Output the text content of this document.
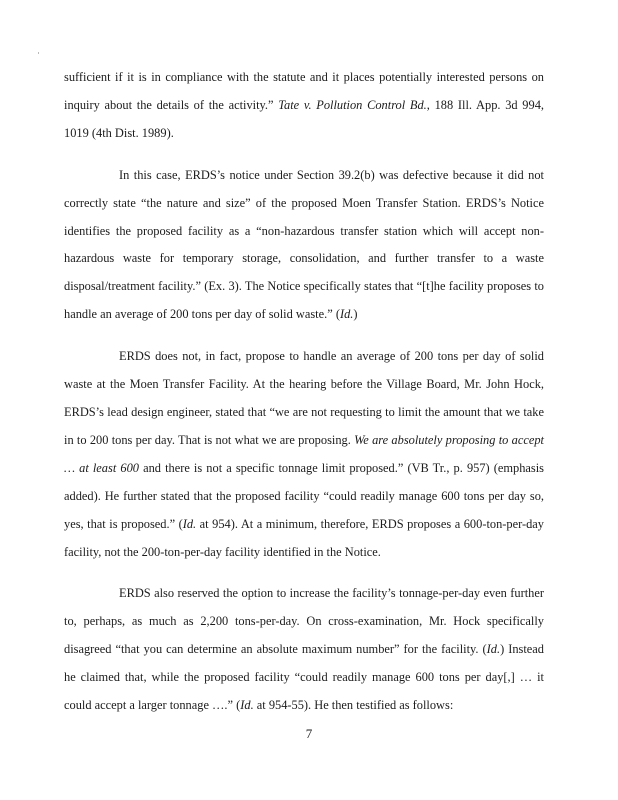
sufficient if it is in compliance with the statute and it places potentially interested persons on inquiry about the details of the activity.” Tate v. Pollution Control Bd., 188 Ill. App. 3d 994, 1019 (4th Dist. 1989).

In this case, ERDS’s notice under Section 39.2(b) was defective because it did not correctly state “the nature and size” of the proposed Moen Transfer Station. ERDS’s Notice identifies the proposed facility as a “non-hazardous transfer station which will accept non-hazardous waste for temporary storage, consolidation, and further transfer to a waste disposal/treatment facility.” (Ex. 3). The Notice specifically states that “[t]he facility proposes to handle an average of 200 tons per day of solid waste.” (Id.)

ERDS does not, in fact, propose to handle an average of 200 tons per day of solid waste at the Moen Transfer Facility. At the hearing before the Village Board, Mr. John Hock, ERDS’s lead design engineer, stated that “we are not requesting to limit the amount that we take in to 200 tons per day. That is not what we are proposing. We are absolutely proposing to accept … at least 600 and there is not a specific tonnage limit proposed.” (VB Tr., p. 957) (emphasis added). He further stated that the proposed facility “could readily manage 600 tons per day so, yes, that is proposed.” (Id. at 954). At a minimum, therefore, ERDS proposes a 600-ton-per-day facility, not the 200-ton-per-day facility identified in the Notice.

ERDS also reserved the option to increase the facility’s tonnage-per-day even further to, perhaps, as much as 2,200 tons-per-day. On cross-examination, Mr. Hock specifically disagreed “that you can determine an absolute maximum number” for the facility. (Id.) Instead he claimed that, while the proposed facility “could readily manage 600 tons per day[,] … it could accept a larger tonnage ….” (Id. at 954-55). He then testified as follows:

7
